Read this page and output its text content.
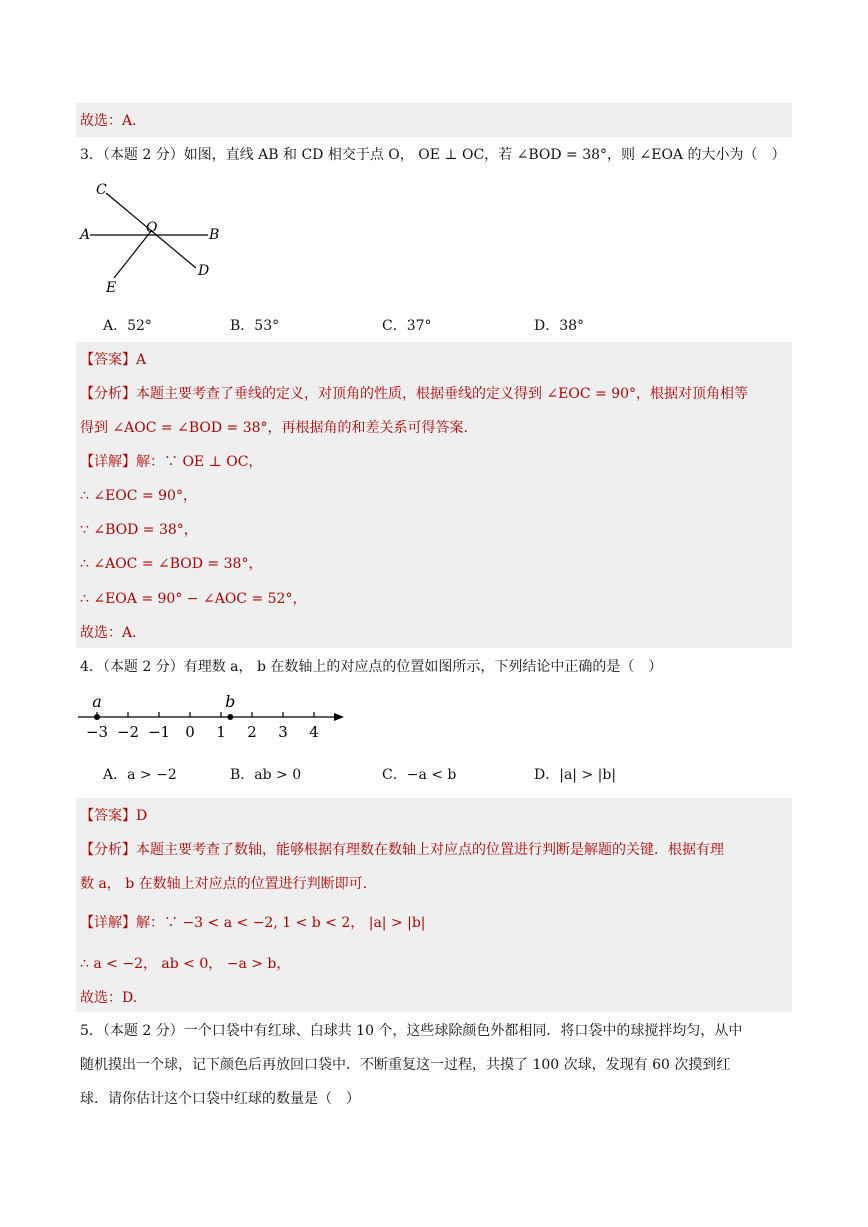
故选：A.
3．（本题 2 分）如图，直线 AB 和 CD 相交于点 O， OE ⊥ OC，若 ∠BOD = 38°，则 ∠EOA 的大小为（　）
C
A	O	B
D
E
A．52°	B．53°	C．37°	D．38°
【答案】A
【分析】本题主要考查了垂线的定义，对顶角的性质，根据垂线的定义得到 ∠EOC = 90°，根据对顶角相等
得到 ∠AOC = ∠BOD = 38°，再根据角的和差关系可得答案.
【详解】解：∵ OE ⊥ OC，
∴ ∠EOC = 90°，
∵ ∠BOD = 38°，
∴ ∠AOC = ∠BOD = 38°，
∴ ∠EOA = 90° − ∠AOC = 52°，
故选：A.
4．（本题 2 分）有理数 a， b 在数轴上的对应点的位置如图所示，下列结论中正确的是（　）
−3 −2 −1 0 1 2 3 4
a	b
A．a > −2	B．ab > 0	C．−a < b	D．|a| > |b|
【答案】D
【分析】本题主要考查了数轴，能够根据有理数在数轴上对应点的位置进行判断是解题的关键．根据有理
数 a， b 在数轴上对应点的位置进行判断即可.
【详解】解：∵ −3 < a < −2, 1 < b < 2， |a| > |b|
∴ a < −2， ab < 0， −a > b，
故选：D.
5．（本题 2 分）一个口袋中有红球、白球共 10 个，这些球除颜色外都相同．将口袋中的球搅拌均匀，从中
随机摸出一个球，记下颜色后再放回口袋中．不断重复这一过程，共摸了 100 次球，发现有 60 次摸到红
球．请你估计这个口袋中红球的数量是（　）
